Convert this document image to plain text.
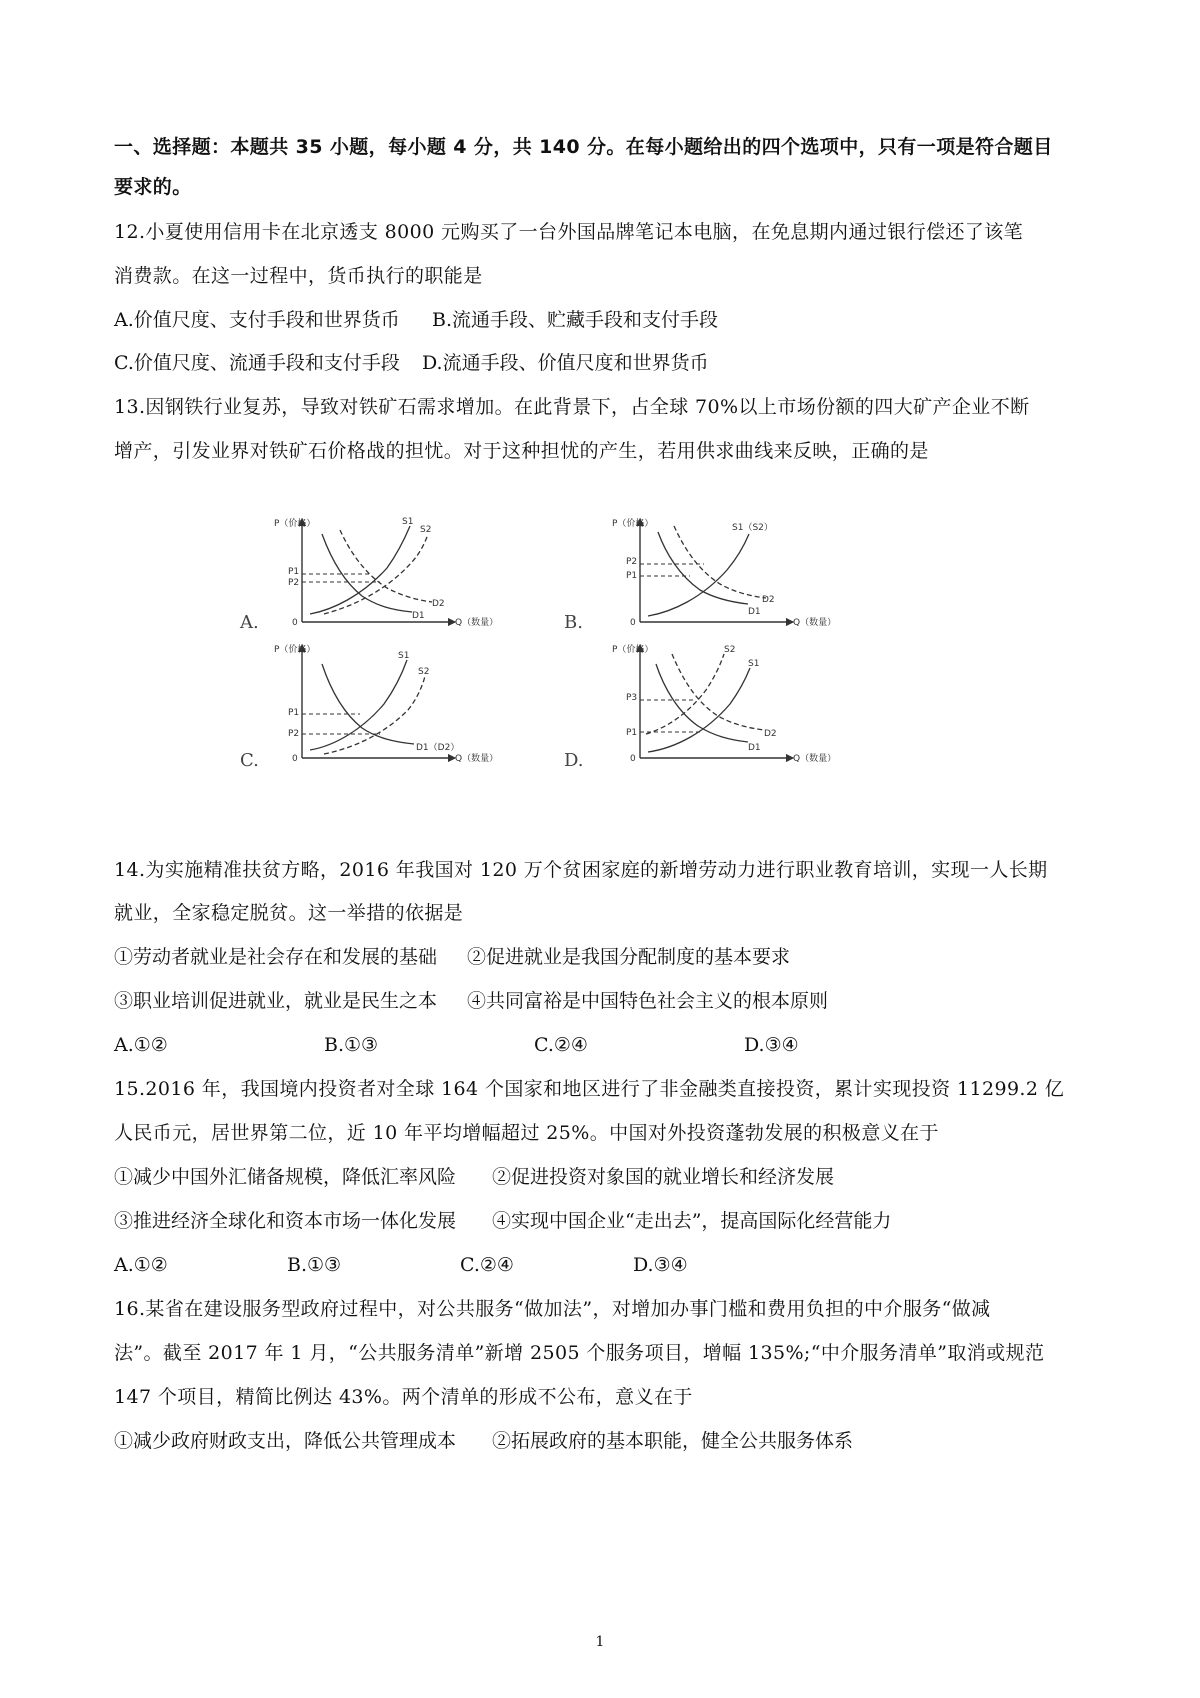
一、选择题：本题共 35 小题，每小题 4 分，共 140 分。在每小题给出的四个选项中，只有一项是符合题目
要求的。
12.小夏使用信用卡在北京透支 8000 元购买了一台外国品牌笔记本电脑，在免息期内通过银行偿还了该笔
消费款。在这一过程中，货币执行的职能是
A.价值尺度、支付手段和世界货币 B.流通手段、贮藏手段和支付手段
C.价值尺度、流通手段和支付手段 D.流通手段、价值尺度和世界货币
13.因钢铁行业复苏，导致对铁矿石需求增加。在此背景下，占全球 70%以上市场份额的四大矿产企业不断
增产，引发业界对铁矿石价格战的担忧。对于这种担忧的产生，若用供求曲线来反映，正确的是
P（价格）
Q（数量）
0
A.
P1
P2
S1
S2
D2
D1
P（价格）
Q（数量）
0
B.
P2
P1
S1（S2）
D2
D1
P（价格）
Q（数量）
0
C.
P1
P2
S1
S2
D1（D2）
P（价格）
Q（数量）
0
D.
P3
P1
S2
S1
D2
D1
14.为实施精准扶贫方略，2016 年我国对 120 万个贫困家庭的新增劳动力进行职业教育培训，实现一人长期
就业，全家稳定脱贫。这一举措的依据是
①劳动者就业是社会存在和发展的基础 ②促进就业是我国分配制度的基本要求
③职业培训促进就业，就业是民生之本 ④共同富裕是中国特色社会主义的根本原则
A.①②	B.①③	C.②④	D.③④
15.2016 年，我国境内投资者对全球 164 个国家和地区进行了非金融类直接投资，累计实现投资 11299.2 亿
人民币元，居世界第二位，近 10 年平均增幅超过 25%。中国对外投资蓬勃发展的积极意义在于
①减少中国外汇储备规模，降低汇率风险 ②促进投资对象国的就业增长和经济发展
③推进经济全球化和资本市场一体化发展 ④实现中国企业“走出去”，提高国际化经营能力
A.①②	B.①③	C.②④	D.③④
16.某省在建设服务型政府过程中，对公共服务“做加法”，对增加办事门槛和费用负担的中介服务“做减
法”。截至 2017 年 1 月，“公共服务清单”新增 2505 个服务项目，增幅 135%;“中介服务清单”取消或规范
147 个项目，精简比例达 43%。两个清单的形成不公布，意义在于
①减少政府财政支出，降低公共管理成本 ②拓展政府的基本职能，健全公共服务体系
1
